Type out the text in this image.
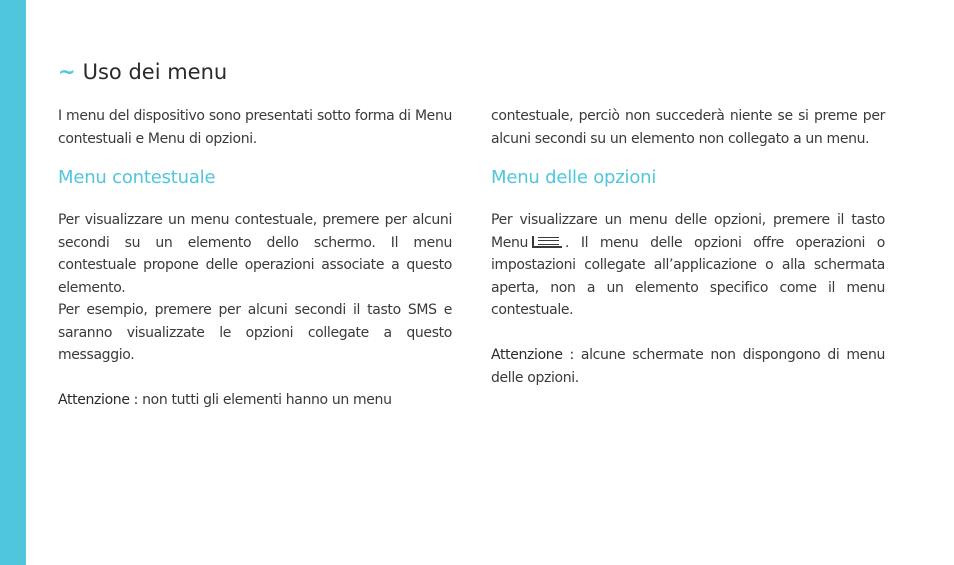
~ Uso dei menu

I menu del dispositivo sono presentati sotto forma di Menu contestuali e Menu di opzioni.

Menu contestuale

Per visualizzare un menu contestuale, premere per alcuni secondi su un elemento dello schermo. Il menu contestuale propone delle operazioni associate a questo elemento.

Per esempio, premere per alcuni secondi il tasto SMS e saranno visualizzate le opzioni collegate a questo messaggio.

Attenzione : non tutti gli elementi hanno un menu

contestuale, perciò non succederà niente se si preme per alcuni secondi su un elemento non collegato a un menu.

Menu delle opzioni

Per visualizzare un menu delle opzioni, premere il tasto Menu	. Il menu delle opzioni offre operazioni o impostazioni collegate all’applicazione o alla schermata aperta, non a un elemento specifico come il menu contestuale.

Attenzione : alcune schermate non dispongono di menu delle opzioni.
